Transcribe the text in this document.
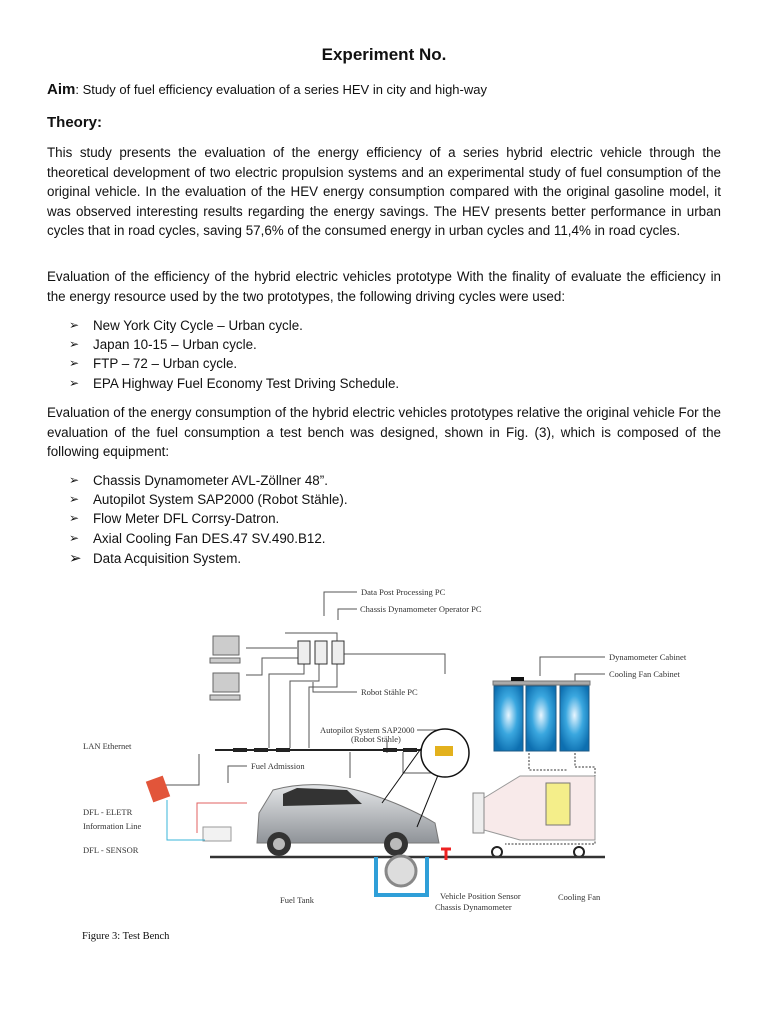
Experiment No.

Aim: Study of fuel efficiency evaluation of a series HEV in city and high-way

Theory:

This study presents the evaluation of the energy efficiency of a series hybrid electric vehicle through the theoretical development of two electric propulsion systems and an experimental study of fuel consumption of the original vehicle. In the evaluation of the HEV energy consumption compared with the original gasoline model, it was observed interesting results regarding the energy savings. The HEV presents better performance in urban cycles that in road cycles, saving 57,6% of the consumed energy in urban cycles and 11,4% in road cycles.

Evaluation of the efficiency of the hybrid electric vehicles prototype With the finality of evaluate the efficiency in the energy resource used by the two prototypes, the following driving cycles were used:

➢	New York City Cycle – Urban cycle.
➢	Japan 10-15 – Urban cycle.
➢	FTP – 72 – Urban cycle.
➢	EPA Highway Fuel Economy Test Driving Schedule.

Evaluation of the energy consumption of the hybrid electric vehicles prototypes relative the original vehicle For the evaluation of the fuel consumption a test bench was designed, shown in Fig. (3), which is composed of the following equipment:

➢	Chassis Dynamometer AVL-Zöllner 48”.
➢	Autopilot System SAP2000 (Robot Stähle).
➢	Flow Meter DFL Corrsy-Datron.
➢	Axial Cooling Fan DES.47 SV.490.B12.
➢ Data Acquisition System.
Data Post Processing PC
Chassis Dynamometer Operator PC
Dynamometer Cabinet
Cooling Fan Cabinet
Robot Stähle PC
Autopilot System SAP2000
(Robot Stähle)
LAN Ethernet
Fuel Admission
DFL - ELETR
Information Line
DFL - SENSOR
Fuel Tank	Vehicle Position Sensor
Chassis Dynamometer
Cooling Fan
Figure 3: Test Bench
